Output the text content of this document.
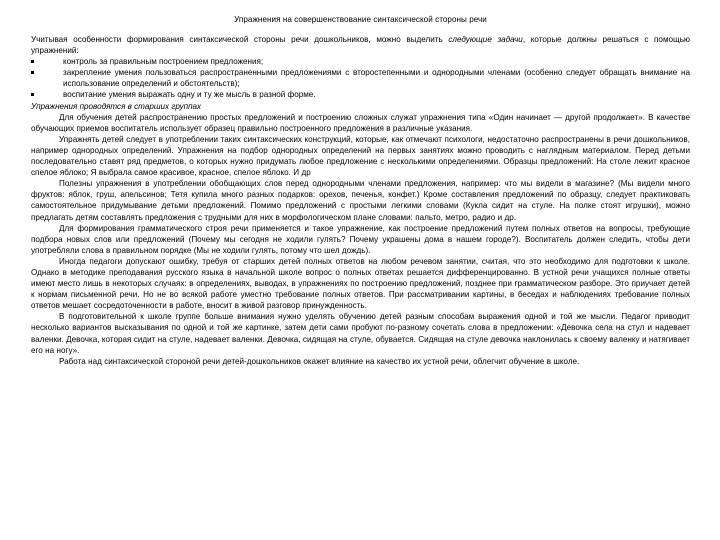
Упражнения на совершенствование синтаксической стороны речи

Учитывая особенности формирования синтаксической стороны речи дошкольников, можно выделить следующие задачи, которые должны решаться с помощью упражнений:

контроль за правильным построением предложения;
закрепление умения пользоваться распространенными предложениями с второстепенными и однородными членами (особенно следует обращать внимание на использование определений и обстоятельств);
воспитание умения выражать одну и ту же мысль в разной форме.

Упражнения проводятся в старших группах

Для обучения детей распространению простых предложений и построению сложных служат упражнения типа «Один начинает — другой продолжает». В качестве обучающих приемов воспитатель использует образец правильно построенного предложения в различные указания.

Упражнять детей следует в употреблении таких синтаксических конструкций, которые, как отмечают психологи, недостаточно распространены в речи дошкольников, например однородных определений. Упражнения на подбор однородных определений на первых занятиях можно проводить с наглядным материалом. Перед детьми последовательно ставят ряд предметов, о которых нужно придумать любое предложение с несколькими определениями. Образцы предложений: На столе лежит красное спелое яблоко; Я выбрала самое красивое, красное, спелое яблоко. И др

Полезны упражнения в употреблении обобщающих слов перед однородными членами предложения, например: что мы видели в магазине? (Мы видели много фруктов: яблок, груш, апельсинов; Тетя купила много разных подарков: орехов, печенья, конфет.) Кроме составления предложений по образцу, следует практиковать самостоятельное придумывание детьми предложений. Помимо предложений с простыми легкими словами (Кукла сидит на стуле. На полке стоят игрушки), можно предлагать детям составлять предложения с трудными для них в морфологическом плане словами: пальто, метро, радио и др.

Для формирования грамматического строя речи применяется и такое упражнение, как построение предложений путем полных ответов на вопросы, требующие подбора новых слов или предложений (Почему мы сегодня не ходили гулять? Почему украшены дома в нашем городе?). Воспитатель должен следить, чтобы дети употребляли слова в правильном порядке (Мы не ходили гулять, потому что шел дождь).

Иногда педагоги допускают ошибку, требуя от старших детей полных ответов на любом речевом занятии, считая, что это необходимо для подготовки к школе. Однако в методике преподавания русского языка в начальной школе вопрос о полных ответах решается дифференцированно. В устной речи учащихся полные ответы имеют место лишь в некоторых случаях: в определениях, выводах, в упражнениях по построению предложений, позднее при грамматическом разборе. Это приучает детей к нормам письменной речи. Но не во всякой работе уместно требование полных ответов. При рассматривании картины, в беседах и наблюдениях требование полных ответов мешает сосредоточенности в работе, вносит в живой разговор принужденность.

В подготовительной к школе группе больше внимания нужно уделять обучению детей разным способам выражения одной и той же мысли. Педагог приводит несколько вариантов высказывания по одной и той же картинке, затем дети сами пробуют по-разному сочетать слова в предложении: «Девочка села на стул и надевает валенки. Девочка, которая сидит на стуле, надевает валенки. Девочка, сидящая на стуле, обувается. Сидящая на стуле девочка наклонилась к своему валенку и натягивает его на ногу».

Работа над синтаксической стороной речи детей-дошкольников окажет влияние на качество их устной речи, облегчит обучение в школе.
